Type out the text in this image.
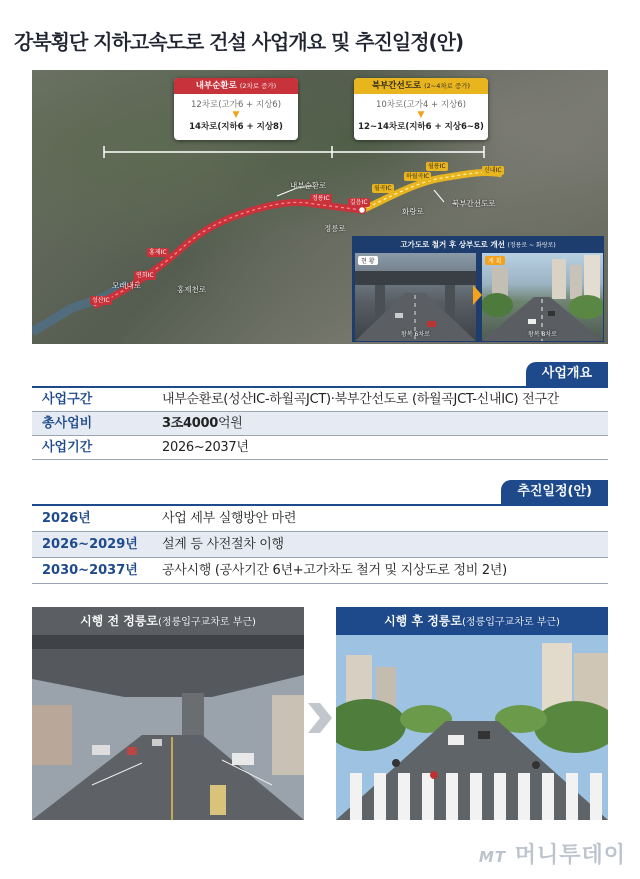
강북횡단 지하고속도로 건설 사업개요 및 추진일정(안)
내부순환로 (2차로 증가)
12차로(고가6 + 지상6)
▼
14차로(지하6 + 지상8)
북부간선도로 (2~4차로 증가)
10차로(고가4 + 지상6)
▼
12~14차로(지하6 + 지상6~8)
내부순환로
북부간선도로
정릉로
화랑로
모래내로	홍제천로
성산IC
연희IC
홍제IC
정릉IC
길음IC
월곡IC
하월곡IC
월릉IC
신내IC
고가도로 철거 후 상부도로 개선 (정릉로 ~ 화랑로)
현 황
왕복 6차로
계 획
왕복 8차로
사업개요
사업구간	내부순환로(성산IC-하월곡JCT)·북부간선도로 (하월곡JCT-신내IC) 전구간
총사업비	3조4000억원
사업기간	2026~2037년
추진일정(안)
2026년	사업 세부 실행방안 마련
2026~2029년 설계 등 사전절차 이행
2030~2037년 공사시행 (공사기간 6년+고가차도 철거 및 지상도로 정비 2년)
시행 전 정릉로(정릉입구교차로 부근)	시행 후 정릉로(정릉입구교차로 부근)
MT 머니투데이
